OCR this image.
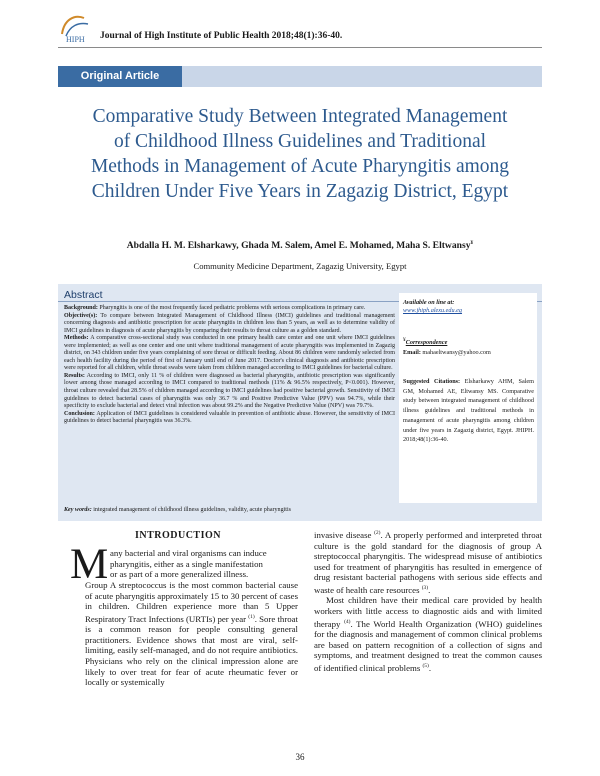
HIPH Journal of High Institute of Public Health 2018;48(1):36-40.
Original Article
Comparative Study Between Integrated Management
of Childhood Illness Guidelines and Traditional
Methods in Management of Acute Pharyngitis among
Children Under Five Years in Zagazig District, Egypt
Abdalla H. M. Elsharkawy, Ghada M. Salem, Amel E. Mohamed, Maha S. Eltwansy¥
Community Medicine Department, Zagazig University, Egypt
Abstract

Background: Pharyngitis is one of the most frequently faced pediatric problems with serious complications in primary care.

Objective(s): To compare between Integrated Management of Childhood Illness (IMCI) guidelines and traditional management concerning diagnosis and antibiotic prescription for acute pharyngitis in children less than 5 years, as well as to determine validity of IMCI guidelines in diagnosis of acute pharyngitis by comparing their results to throat culture as a golden standard.

Methods: A comparative cross-sectional study was conducted in one primary health care center and one unit where IMCI guidelines were implemented; as well as one center and one unit where traditional management of acute pharyngitis was implemented in Zagazig district, on 343 children under five years complaining of sore throat or difficult feeding. About 86 children were randomly selected from each health facility during the period of first of January until end of June 2017. Doctor's clinical diagnosis and antibiotic prescription were reported for all children, while throat swabs were taken from children managed according to IMCI guidelines for bacterial culture.

Results: According to IMCI, only 11 % of children were diagnosed as bacterial pharyngitis, antibiotic prescription was significantly lower among those managed according to IMCI compared to traditional methods (11% & 96.5% respectively, P<0.001). However, throat culture revealed that 28.5% of children managed according to IMCI guidelines had positive bacterial growth. Sensitivity of IMCI guidelines to detect bacterial cases of pharyngitis was only 36.7 % and Positive Predictive Value (PPV) was 94.7%, while their specificity to exclude bacterial and detect viral infection was about 99.2% and the Negative Predictive Value (NPV) was 79.7%.

Conclusion: Application of IMCI guidelines is considered valuable in prevention of antibiotic abuse. However, the sensitivity of IMCI guidelines to detect bacterial pharyngitis was 36.3%.

Key words: integrated management of childhood illness guidelines, validity, acute pharyngitis
Available on line at:
www.jhiph.alexu.edu.eg
¥Correspondence
Email: mahaeltwansy@yahoo.com
Suggested Citations: Elsharkawy AHM, Salem GM, Mohamed AE, Eltwansy MS. Comparative study between integrated management of childhood illness guidelines and traditional methods in management of acute pharyngitis among children under five years in Zagazig district, Egypt. JHIPH. 2018;48(1):36-40.
INTRODUCTION
M any bacterial and viral organisms can induce
pharyngitis, either as a single manifestation
or as part of a more generalized illness.

Group A streptococcus is the most common bacterial cause of acute pharyngitis approximately 15 to 30 percent of cases in children. Children experience more than 5 Upper Respiratory Tract Infections (URTIs) per year $^{(1)}$. Sore throat is a common reason for people consulting general practitioners. Evidence shows that most are viral, self-limiting, easily self-managed, and do not require antibiotics. Physicians who rely on the clinical impression alone are likely to over treat for fear of acute rheumatic fever or locally or systemically

invasive disease $^{(2)}$. A properly performed and interpreted throat culture is the gold standard for the diagnosis of group A streptococcal pharyngitis. The widespread misuse of antibiotics used for treatment of pharyngitis has resulted in emergence of drug resistant bacterial pathogens with serious side effects and waste of health care resources $^{(3)}$.

Most children have their medical care provided by health workers with little access to diagnostic aids and with limited therapy $^{(4)}$. The World Health Organization (WHO) guidelines for the diagnosis and management of common clinical problems are based on pattern recognition of a collection of signs and symptoms, and treatment designed to treat the common causes of identified clinical problems $^{(5)}$.

36
